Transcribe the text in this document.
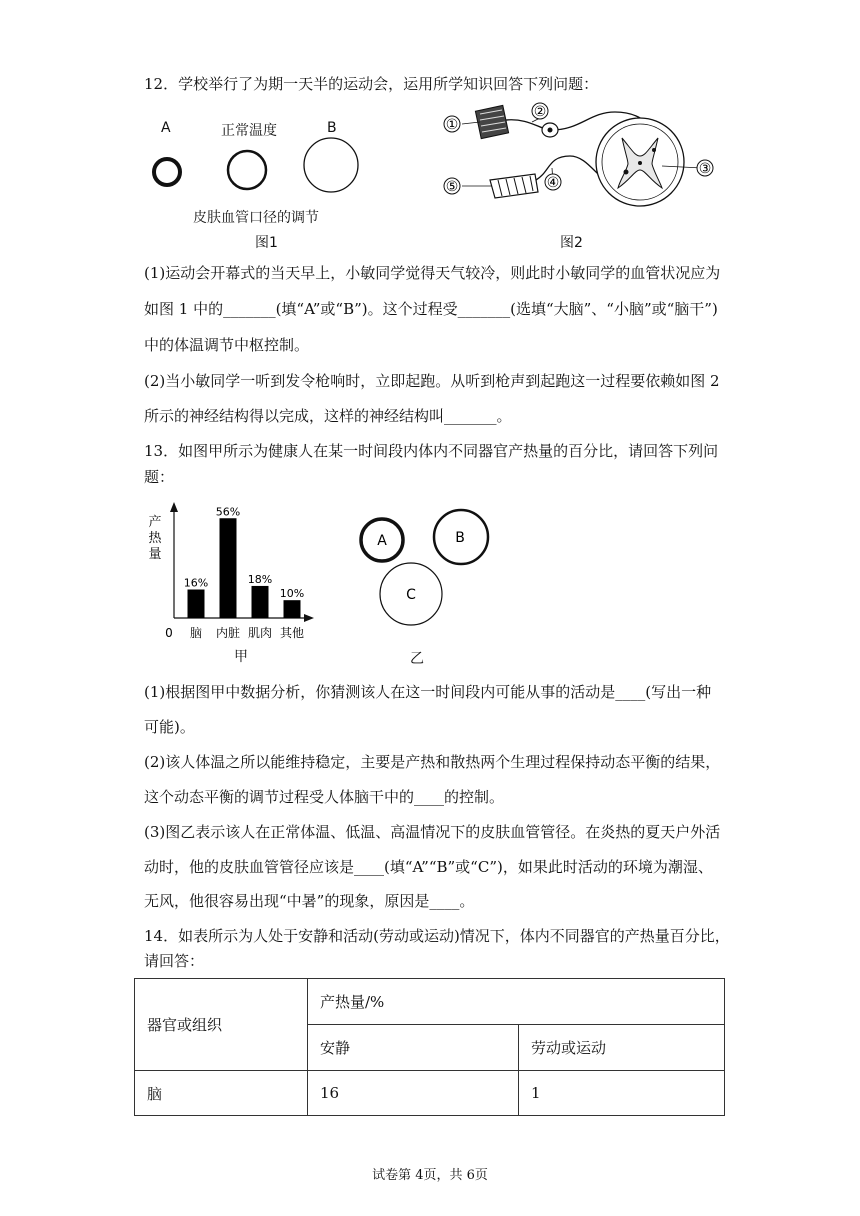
12．学校举行了为期一天半的运动会，运用所学知识回答下列问题：
A	正常温度	B
皮肤血管口径的调节
图1
①
②
③
④
⑤
图2
(1)运动会开幕式的当天早上，小敏同学觉得天气较冷，则此时小敏同学的血管状况应为
如图 1 中的_______(填“A”或“B”)。这个过程受_______(选填“大脑”、“小脑”或“脑干”)
中的体温调节中枢控制。
(2)当小敏同学一听到发令枪响时，立即起跑。从听到枪声到起跑这一过程要依赖如图 2
所示的神经结构得以完成，这样的神经结构叫_______。
13．如图甲所示为健康人在某一时间段内体内不同器官产热量的百分比，请回答下列问
题：
产
热
量
0
16%
脑
56%
内脏
18%
肌肉
10%
其他
甲
A	B
C
乙
(1)根据图甲中数据分析，你猜测该人在这一时间段内可能从事的活动是____(写出一种
可能)。
(2)该人体温之所以能维持稳定，主要是产热和散热两个生理过程保持动态平衡的结果，
这个动态平衡的调节过程受人体脑干中的____的控制。
(3)图乙表示该人在正常体温、低温、高温情况下的皮肤血管管径。在炎热的夏天户外活
动时，他的皮肤血管管径应该是____(填“A”“B”或“C”)，如果此时活动的环境为潮湿、
无风，他很容易出现“中暑”的现象，原因是____。
14．如表所示为人处于安静和活动(劳动或运动)情况下，体内不同器官的产热量百分比，
请回答：
器官或组织	产热量/%	
	安静	劳动或运动
脑	16	1
试卷第 4页，共 6页
